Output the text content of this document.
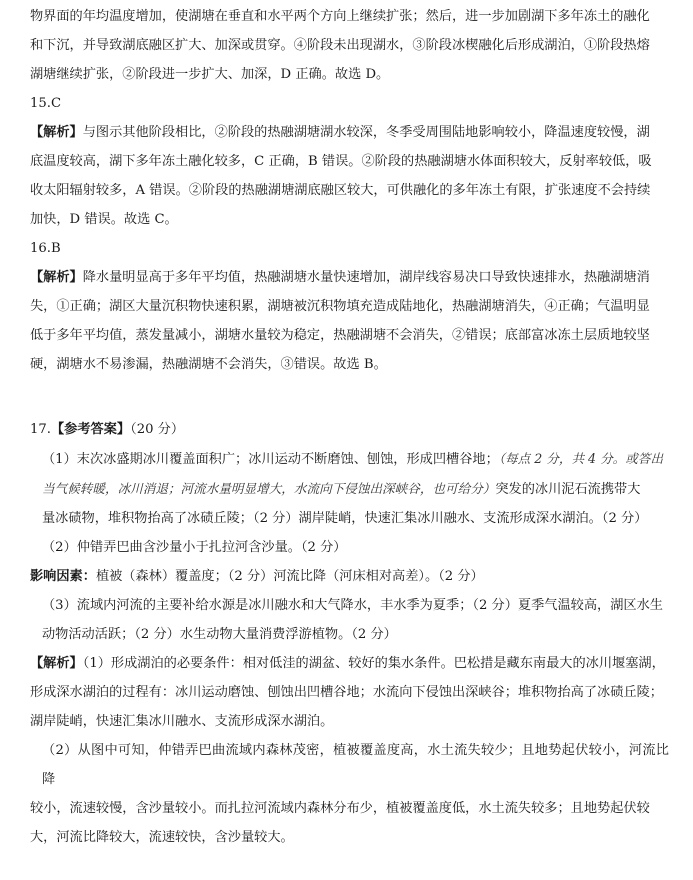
物界面的年均温度增加，使湖塘在垂直和水平两个方向上继续扩张；然后，进一步加剧湖下多年冻土的融化

和下沉，并导致湖底融区扩大、加深或贯穿。④阶段未出现湖水，③阶段冰楔融化后形成湖泊，①阶段热熔

湖塘继续扩张，②阶段进一步扩大、加深，D 正确。故选 D。

15.C

【解析】与图示其他阶段相比，②阶段的热融湖塘湖水较深，冬季受周围陆地影响较小，降温速度较慢，湖

底温度较高，湖下多年冻土融化较多，C 正确，B 错误。②阶段的热融湖塘水体面积较大，反射率较低，吸

收太阳辐射较多，A 错误。②阶段的热融湖塘湖底融区较大，可供融化的多年冻土有限，扩张速度不会持续

加快，D 错误。故选 C。

16.B

【解析】降水量明显高于多年平均值，热融湖塘水量快速增加，湖岸线容易决口导致快速排水，热融湖塘消

失，①正确；湖区大量沉积物快速积累，湖塘被沉积物填充造成陆地化，热融湖塘消失，④正确；气温明显

低于多年平均值，蒸发量减小，湖塘水量较为稳定，热融湖塘不会消失，②错误；底部富冰冻土层质地较坚

硬，湖塘水不易渗漏，热融湖塘不会消失，③错误。故选 B。

17.【参考答案】（20 分）

（1）末次冰盛期冰川覆盖面积广；冰川运动不断磨蚀、刨蚀，形成凹槽谷地；（每点 2 分，共 4 分。或答出

当气候转暖，冰川消退；河流水量明显增大，水流向下侵蚀出深峡谷，也可给分）突发的冰川泥石流携带大

量冰碛物，堆积物抬高了冰碛丘陵；（2 分）湖岸陡峭，快速汇集冰川融水、支流形成深水湖泊。（2 分）

（2）仲错弄巴曲含沙量小于扎拉河含沙量。（2 分）

影响因素：植被（森林）覆盖度；（2 分）河流比降（河床相对高差）。（2 分）

（3）流域内河流的主要补给水源是冰川融水和大气降水，丰水季为夏季；（2 分）夏季气温较高，湖区水生

动物活动活跃；（2 分）水生动物大量消费浮游植物。（2 分）

【解析】（1）形成湖泊的必要条件：相对低洼的湖盆、较好的集水条件。巴松措是藏东南最大的冰川堰塞湖，

形成深水湖泊的过程有：冰川运动磨蚀、刨蚀出凹槽谷地；水流向下侵蚀出深峡谷；堆积物抬高了冰碛丘陵；

湖岸陡峭，快速汇集冰川融水、支流形成深水湖泊。

（2）从图中可知，仲错弄巴曲流域内森林茂密，植被覆盖度高，水土流失较少；且地势起伏较小，河流比降

较小，流速较慢，含沙量较小。而扎拉河流域内森林分布少，植被覆盖度低，水土流失较多；且地势起伏较

大，河流比降较大，流速较快，含沙量较大。
